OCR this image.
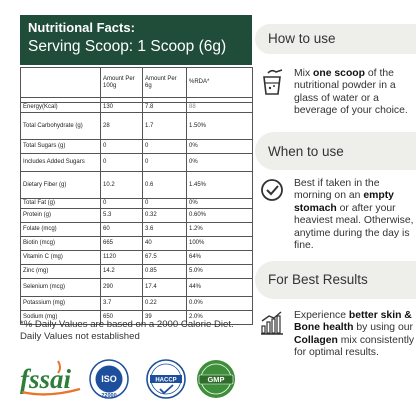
Nutritional Facts:
Serving Scoop: 1 Scoop (6g)
	Amount Per 100g	Amount Per 6g	%RDA*

Energy(Kcal)	130	7.8	88
Total Carbohydrate (g)	28	1.7	1.50%
Total Sugars (g)	0	0	0%
Includes Added Sugars	0	0	0%
Dietary Fiber (g)	10.2	0.6	1.45%
Total Fat (g)	0	0	0%
Protein (g)	5.3	0.32	0.60%
Folate (mcg)	60	3.6	1.2%
Biotin (mcg)	665	40	100%
Vitamin C (mg)	1120	67.5	64%
Zinc (mg)	14.2	0.85	5.0%
Selenium (mcg)	290	17.4	44%
Potassium (mg)	3.7	0.22	0.0%
Sodium (mg)	650	39	2.0%
*% Daily Values are based on a 2000 Calorie Diet.
Daily Values not established
fssai	ISO
22000
HACCP	GMP
How to use
Mix one scoop of the nutritional powder in a glass of water or a beverage of your choice.
When to use
Best if taken in the morning on an empty stomach or after your heaviest meal. Otherwise, anytime during the day is fine.
For Best Results
Experience better skin & Bone health by using our Collagen mix consistently for optimal results.
